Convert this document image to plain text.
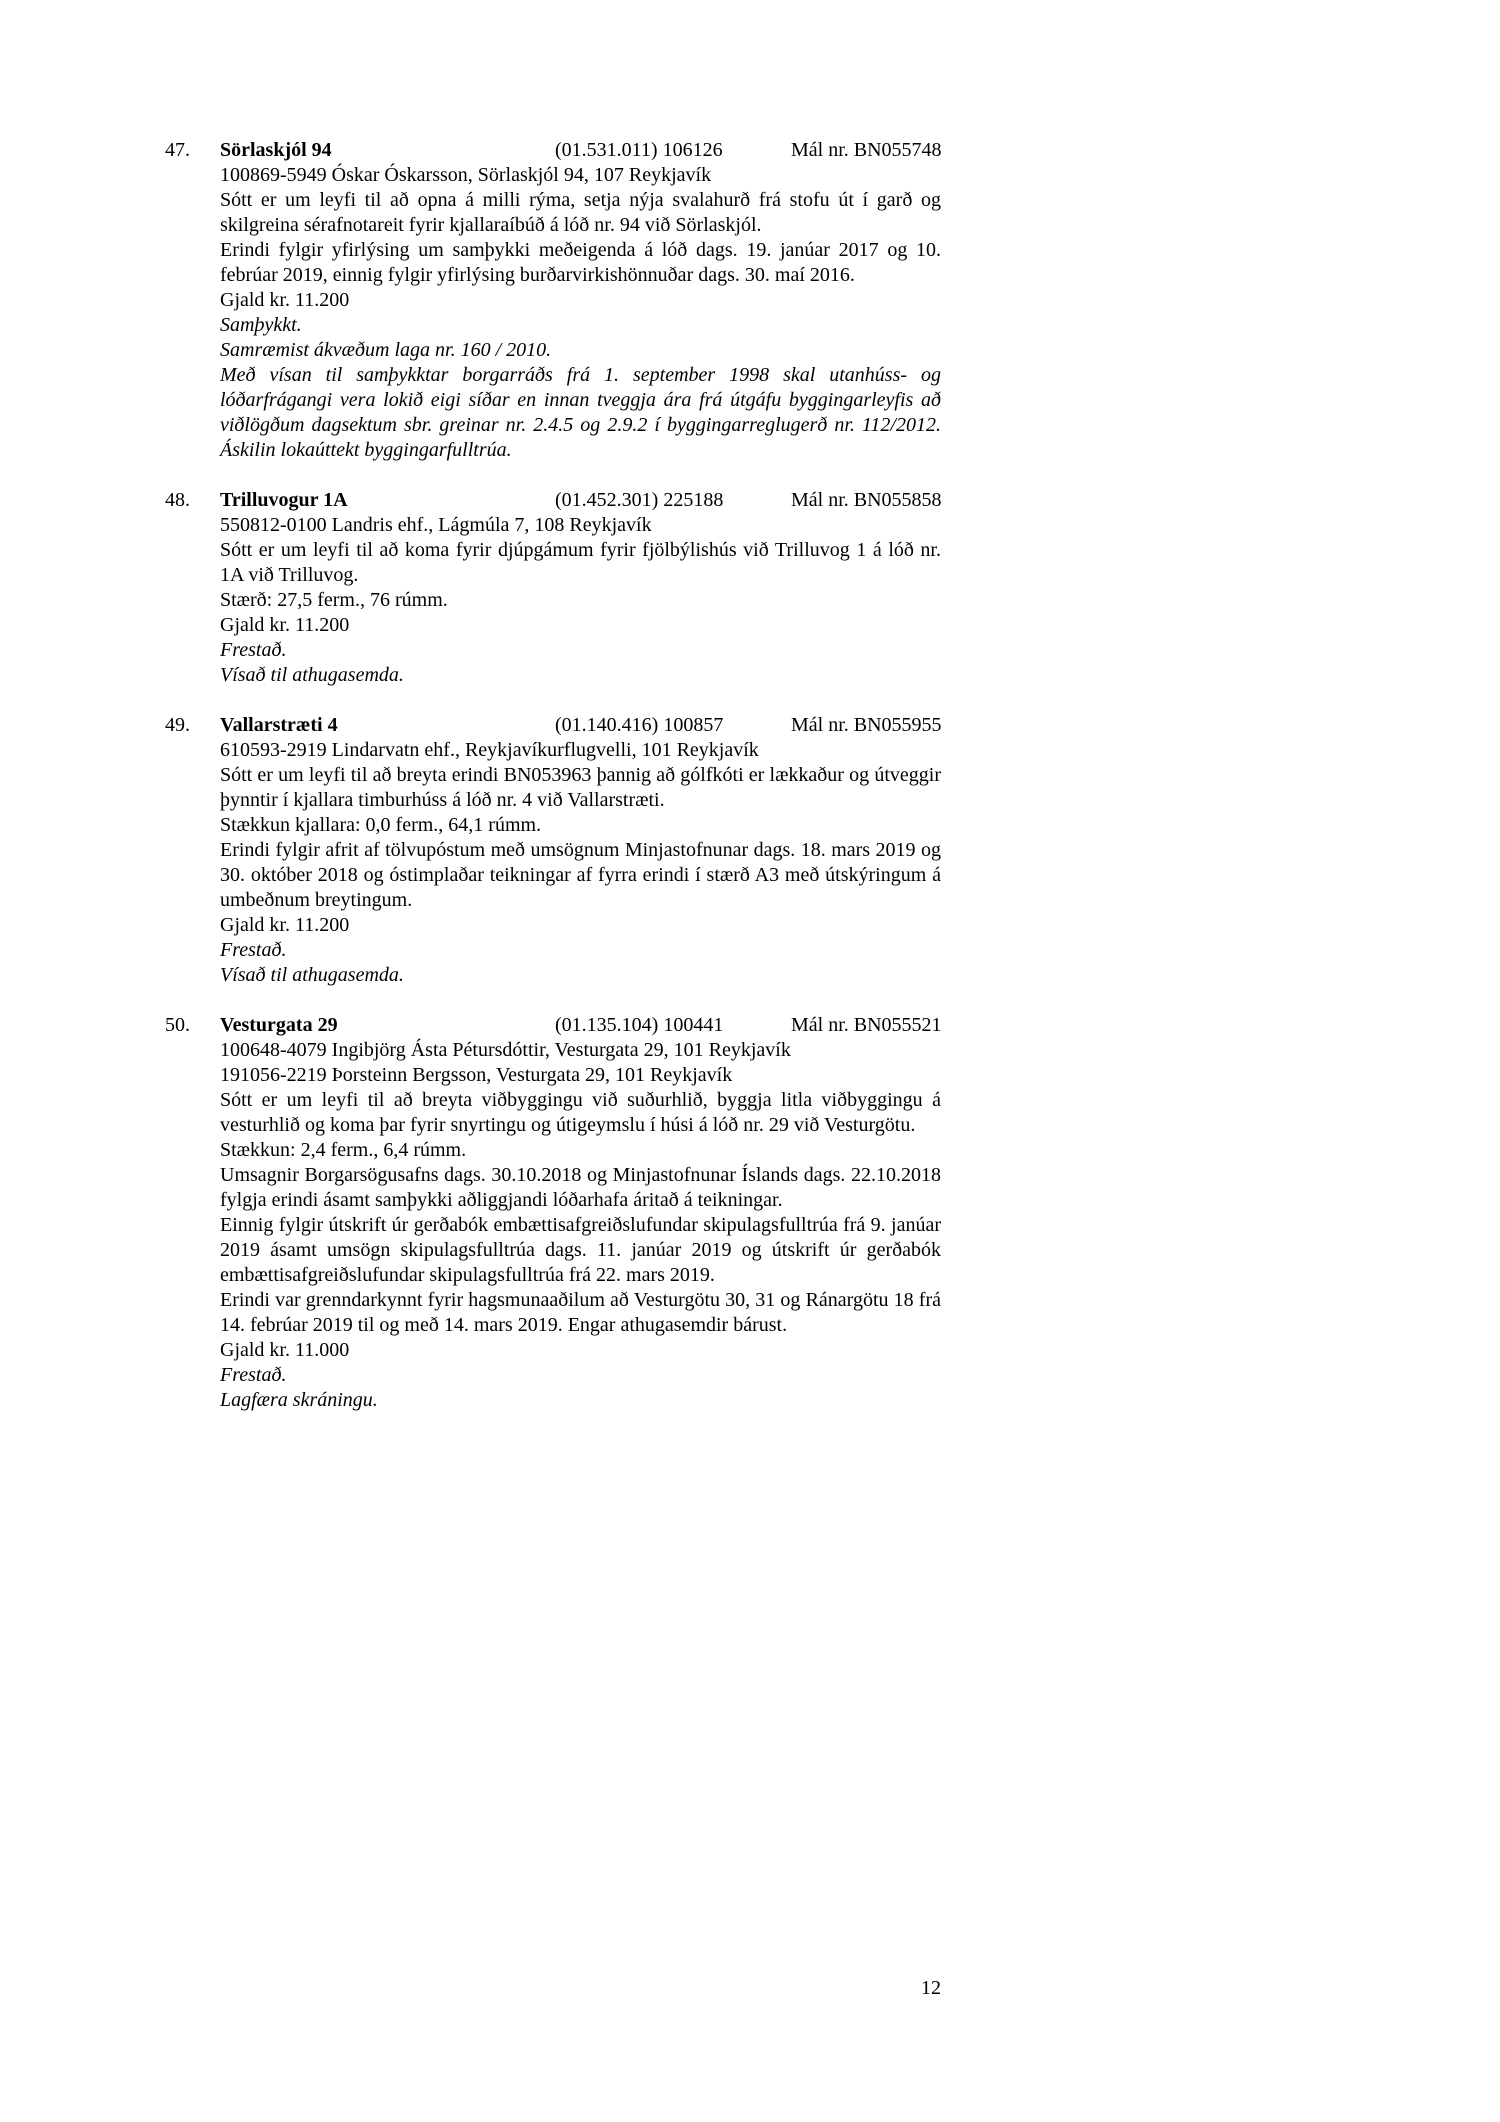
47.	Sörlaskjól 94	(01.531.011) 106126	Mál nr. BN055748

100869-5949 Óskar Óskarsson, Sörlaskjól 94, 107 Reykjavík

Sótt er um leyfi til að opna á milli rýma, setja nýja svalahurð frá stofu út í garð og skilgreina sérafnotareit fyrir kjallaraíbúð á lóð nr. 94 við Sörlaskjól.

Erindi fylgir yfirlýsing um samþykki meðeigenda á lóð dags. 19. janúar 2017 og 10. febrúar 2019, einnig fylgir yfirlýsing burðarvirkishönnuðar dags. 30. maí 2016.

Gjald kr. 11.200

Samþykkt.

Samræmist ákvæðum laga nr. 160 / 2010.

Með vísan til samþykktar borgarráðs frá 1. september 1998 skal utanhúss- og lóðarfrágangi vera lokið eigi síðar en innan tveggja ára frá útgáfu byggingarleyfis að viðlögðum dagsektum sbr. greinar nr. 2.4.5 og 2.9.2 í byggingarreglugerð nr. 112/2012. Áskilin lokaúttekt byggingarfulltrúa.

48.	Trilluvogur 1A	(01.452.301) 225188	Mál nr. BN055858

550812-0100 Landris ehf., Lágmúla 7, 108 Reykjavík

Sótt er um leyfi til að koma fyrir djúpgámum fyrir fjölbýlishús við Trilluvog 1 á lóð nr. 1A við Trilluvog.

Stærð: 27,5 ferm., 76 rúmm.

Gjald kr. 11.200

Frestað.

Vísað til athugasemda.

49.	Vallarstræti 4	(01.140.416) 100857	Mál nr. BN055955

610593-2919 Lindarvatn ehf., Reykjavíkurflugvelli, 101 Reykjavík

Sótt er um leyfi til að breyta erindi BN053963 þannig að gólfkóti er lækkaður og útveggir þynntir í kjallara timburhúss á lóð nr. 4 við Vallarstræti.

Stækkun kjallara: 0,0 ferm., 64,1 rúmm.

Erindi fylgir afrit af tölvupóstum með umsögnum Minjastofnunar dags. 18. mars 2019 og 30. október 2018 og óstimplaðar teikningar af fyrra erindi í stærð A3 með útskýringum á umbeðnum breytingum.

Gjald kr. 11.200

Frestað.

Vísað til athugasemda.

50.	Vesturgata 29	(01.135.104) 100441	Mál nr. BN055521

100648-4079 Ingibjörg Ásta Pétursdóttir, Vesturgata 29, 101 Reykjavík

191056-2219 Þorsteinn Bergsson, Vesturgata 29, 101 Reykjavík

Sótt er um leyfi til að breyta viðbyggingu við suðurhlið, byggja litla viðbyggingu á vesturhlið og koma þar fyrir snyrtingu og útigeymslu í húsi á lóð nr. 29 við Vesturgötu.

Stækkun: 2,4 ferm., 6,4 rúmm.

Umsagnir Borgarsögusafns dags. 30.10.2018 og Minjastofnunar Íslands dags. 22.10.2018 fylgja erindi ásamt samþykki aðliggjandi lóðarhafa áritað á teikningar.

Einnig fylgir útskrift úr gerðabók embættisafgreiðslufundar skipulagsfulltrúa frá 9. janúar 2019 ásamt umsögn skipulagsfulltrúa dags. 11. janúar 2019 og útskrift úr gerðabók embættisafgreiðslufundar skipulagsfulltrúa frá 22. mars 2019.

Erindi var grenndarkynnt fyrir hagsmunaaðilum að Vesturgötu 30, 31 og Ránargötu 18 frá 14. febrúar 2019 til og með 14. mars 2019. Engar athugasemdir bárust.

Gjald kr. 11.000

Frestað.

Lagfæra skráningu.

12
